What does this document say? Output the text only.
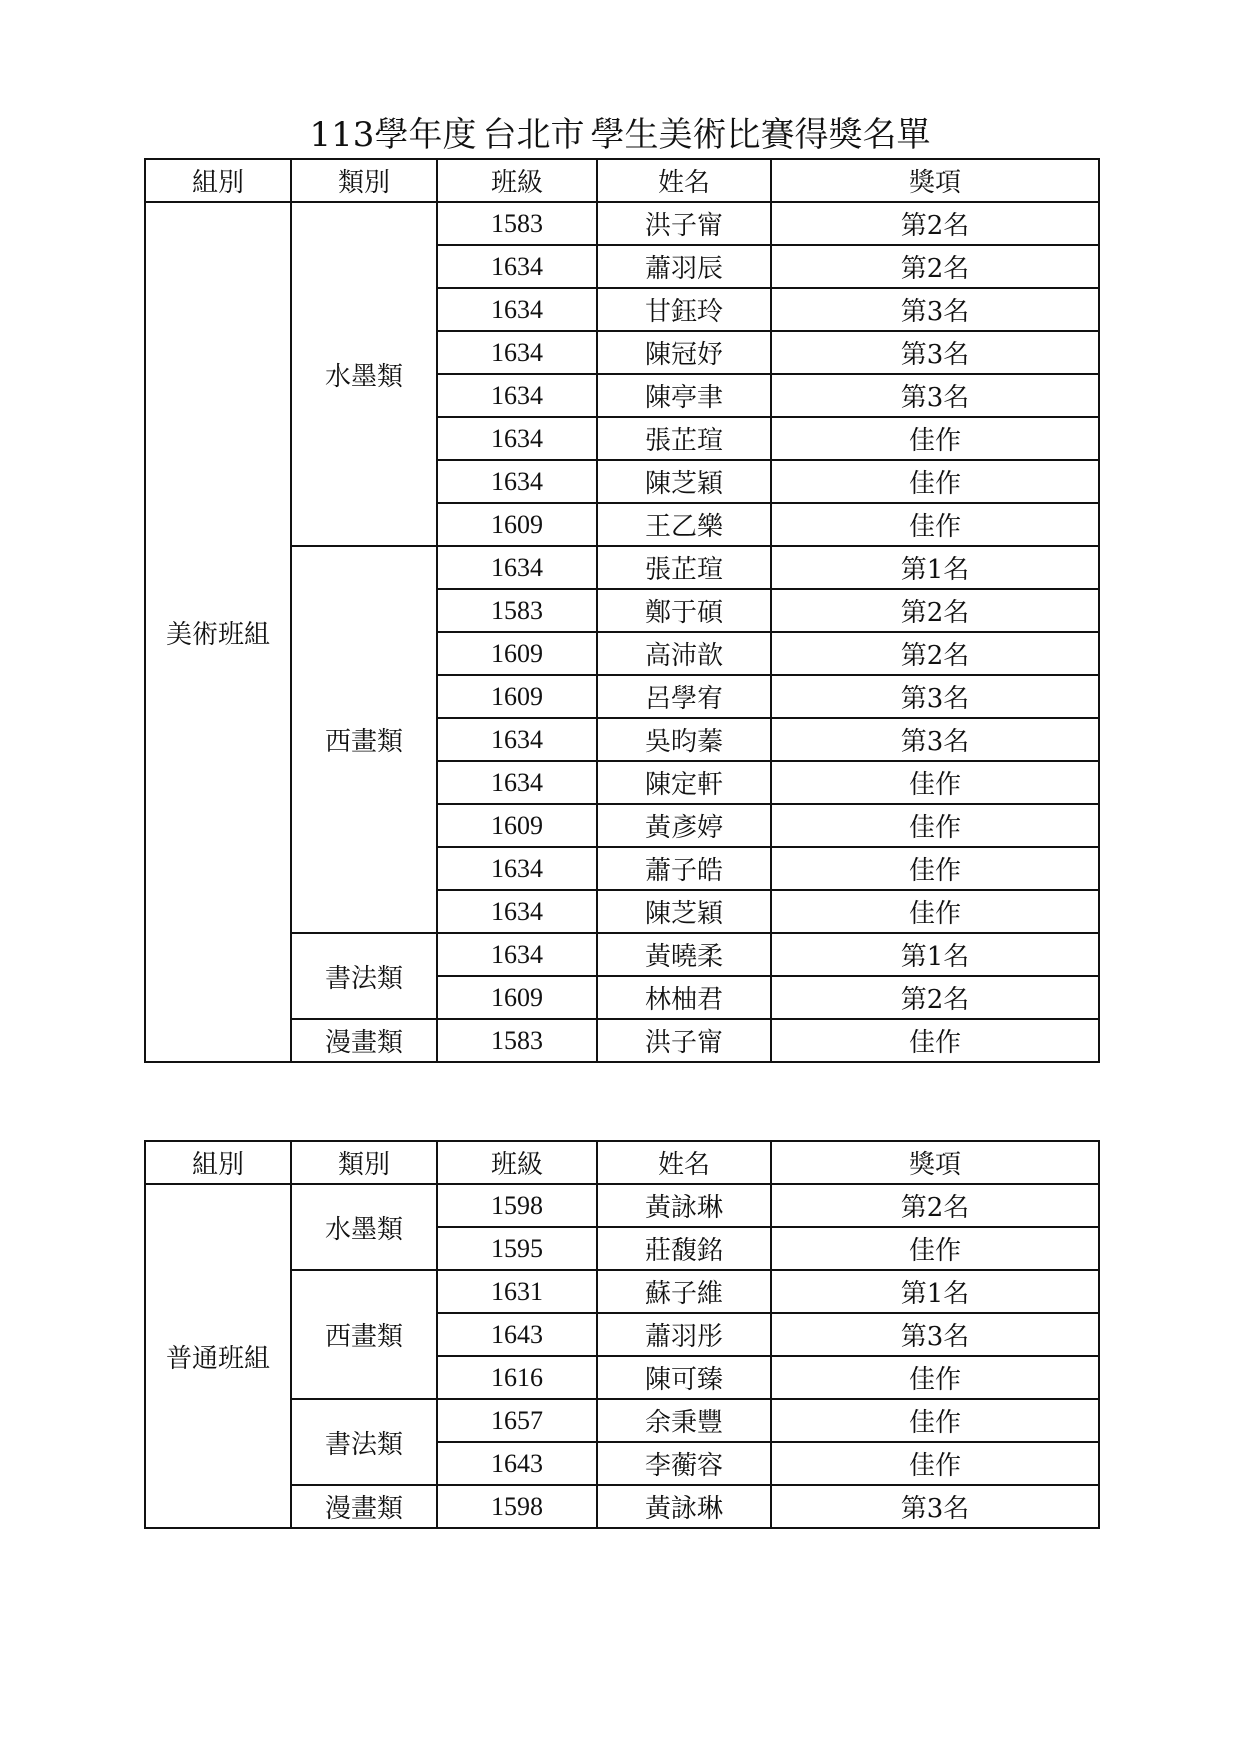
113學年度 台北市 學生美術比賽得獎名單
組別	類別	班級	姓名	獎項
美術班組	水墨類	1583	洪子甯	第2名
		1634	蕭羽辰	第2名
		1634	甘鈺玲	第3名
		1634	陳冠妤	第3名
		1634	陳亭聿	第3名
		1634	張芷瑄	佳作
		1634	陳芝穎	佳作
		1609	王乙樂	佳作
	西畫類	1634	張芷瑄	第1名
		1583	鄭于碩	第2名
		1609	高沛歆	第2名
		1609	呂學宥	第3名
		1634	吳昀蓁	第3名
		1634	陳定軒	佳作
		1609	黃彥婷	佳作
		1634	蕭子皓	佳作
		1634	陳芝穎	佳作
	書法類	1634	黃曉柔	第1名
		1609	林柚君	第2名
	漫畫類	1583	洪子甯	佳作
組別	類別	班級	姓名	獎項
普通班組	水墨類	1598	黃詠琳	第2名
		1595	莊馥銘	佳作
	西畫類	1631	蘇子維	第1名
		1643	蕭羽彤	第3名
		1616	陳可臻	佳作
	書法類	1657	余秉豐	佳作
		1643	李蘅容	佳作
	漫畫類	1598	黃詠琳	第3名
